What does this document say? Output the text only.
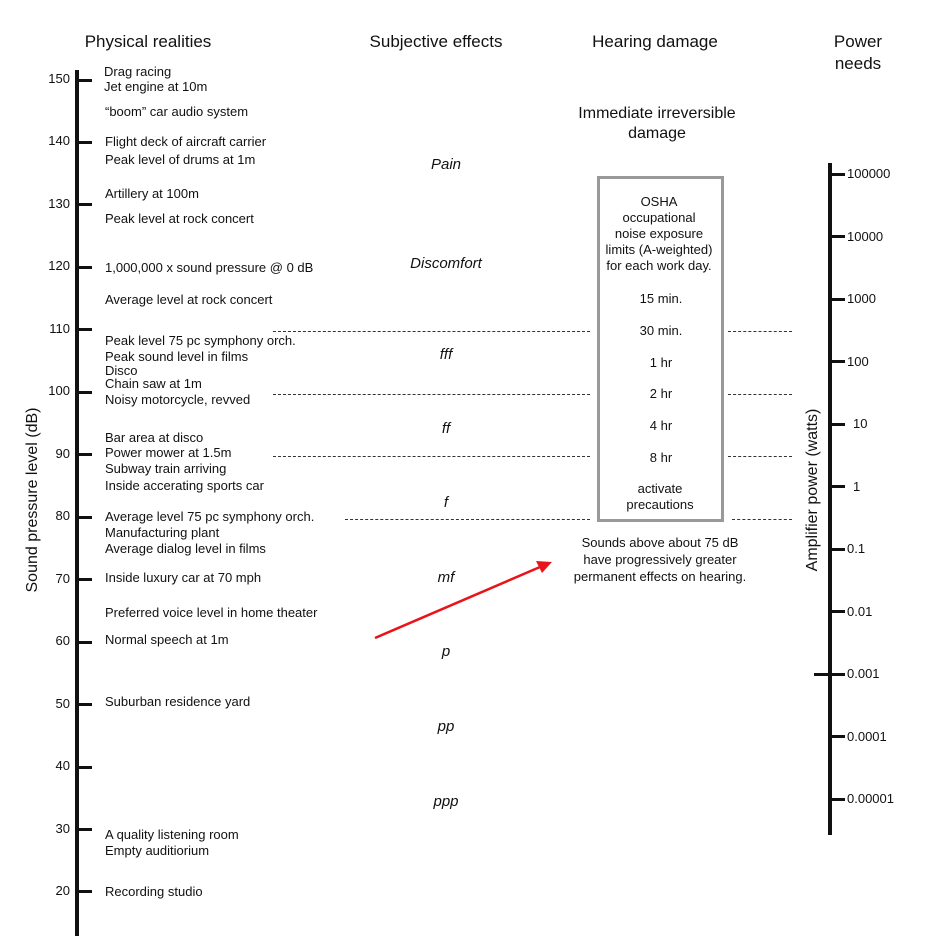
Physical realities	Subjective effects	Hearing damage	Power
needs
150
140
130
120
110
100
90
80
70
60
50
40
30
20
Sound pressure level (dB)
100000
10000
1000
100
10
1
0.1
0.01
0.001
0.0001
0.00001
Amplifier power (watts)
Drag racing
Jet engine at 10m
“boom” car audio system
Flight deck of aircraft carrier
Peak level of drums at 1m
Artillery at 100m
Peak level at rock concert
1,000,000 x sound pressure @ 0 dB
Average level at rock concert
Peak level 75 pc symphony orch.
Peak sound level in films
Disco
Chain saw at 1m
Noisy motorcycle, revved
Bar area at disco
Power mower at 1.5m
Subway train arriving
Inside accerating sports car
Average level 75 pc symphony orch.
Manufacturing plant
Average dialog level in films
Inside luxury car at 70 mph
Preferred voice level in home theater
Normal speech at 1m
Suburban residence yard
A quality listening room
Empty auditiorium
Recording studio
Pain
Discomfort
fff
ff
f
mf
p
pp
ppp
Immediate irreversible
damage
OSHA
occupational
noise exposure
limits (A-weighted)
for each work day.
15 min.
30 min.
1 hr
2 hr
4 hr
8 hr
activate
precautions
Sounds above about 75 dB
have progressively greater
permanent effects on hearing.
